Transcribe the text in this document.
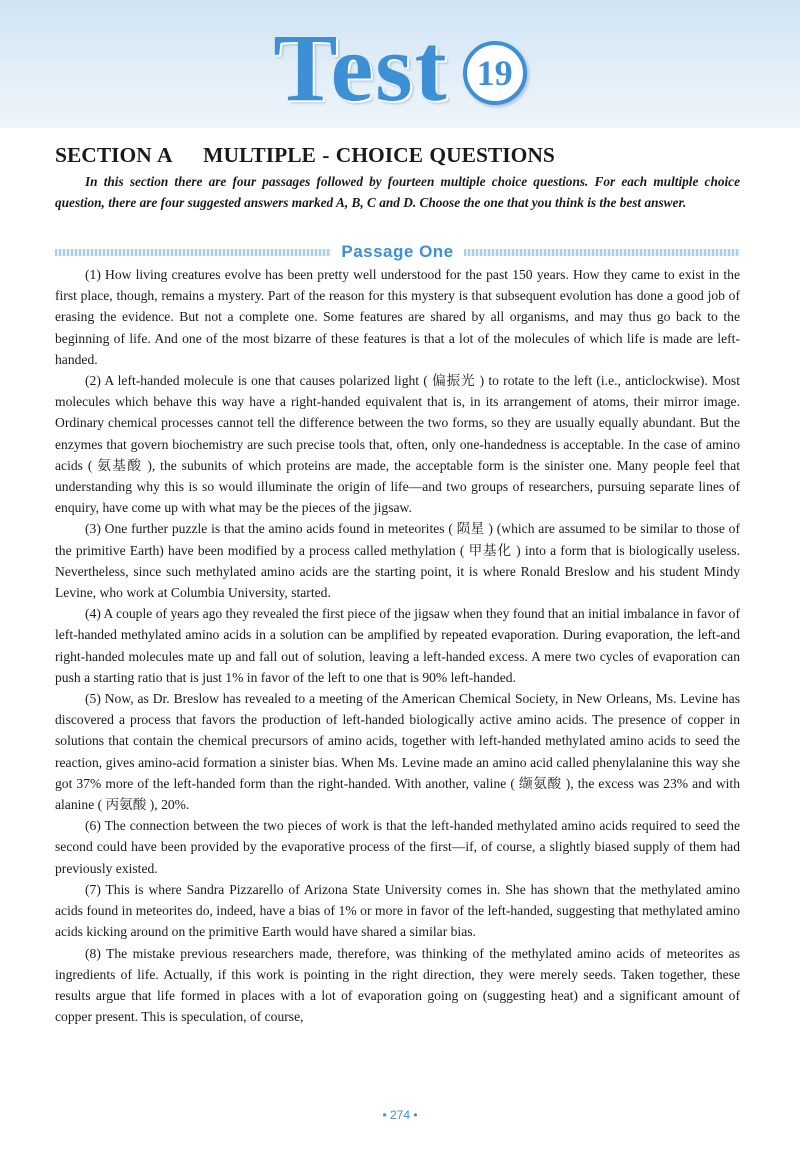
Test 19
SECTION A     MULTIPLE - CHOICE QUESTIONS

In this section there are four passages followed by fourteen multiple choice questions. For each multiple choice question, there are four suggested answers marked A, B, C and D. Choose the one that you think is the best answer.

Passage One

(1) How living creatures evolve has been pretty well understood for the past 150 years. How they came to exist in the first place, though, remains a mystery. Part of the reason for this mystery is that subsequent evolution has done a good job of erasing the evidence. But not a complete one. Some features are shared by all organisms, and may thus go back to the beginning of life. And one of the most bizarre of these features is that a lot of the molecules of which life is made are left-handed.

(2) A left-handed molecule is one that causes polarized light ( 偏振光 ) to rotate to the left (i.e., anticlockwise). Most molecules which behave this way have a right-handed equivalent that is, in its arrangement of atoms, their mirror image. Ordinary chemical processes cannot tell the difference between the two forms, so they are usually equally abundant. But the enzymes that govern biochemistry are such precise tools that, often, only one-handedness is acceptable. In the case of amino acids ( 氨基酸 ), the subunits of which proteins are made, the acceptable form is the sinister one. Many people feel that understanding why this is so would illuminate the origin of life—and two groups of researchers, pursuing separate lines of enquiry, have come up with what may be the pieces of the jigsaw.

(3) One further puzzle is that the amino acids found in meteorites ( 陨星 ) (which are assumed to be similar to those of the primitive Earth) have been modified by a process called methylation ( 甲基化 ) into a form that is biologically useless. Nevertheless, since such methylated amino acids are the starting point, it is where Ronald Breslow and his student Mindy Levine, who work at Columbia University, started.

(4) A couple of years ago they revealed the first piece of the jigsaw when they found that an initial imbalance in favor of left-handed methylated amino acids in a solution can be amplified by repeated evaporation. During evaporation, the left-and right-handed molecules mate up and fall out of solution, leaving a left-handed excess. A mere two cycles of evaporation can push a starting ratio that is just 1% in favor of the left to one that is 90% left-handed.

(5) Now, as Dr. Breslow has revealed to a meeting of the American Chemical Society, in New Orleans, Ms. Levine has discovered a process that favors the production of left-handed biologically active amino acids. The presence of copper in solutions that contain the chemical precursors of amino acids, together with left-handed methylated amino acids to seed the reaction, gives amino-acid formation a sinister bias. When Ms. Levine made an amino acid called phenylalanine this way she got 37% more of the left-handed form than the right-handed. With another, valine ( 缬氨酸 ), the excess was 23% and with alanine ( 丙氨酸 ), 20%.

(6) The connection between the two pieces of work is that the left-handed methylated amino acids required to seed the second could have been provided by the evaporative process of the first—if, of course, a slightly biased supply of them had previously existed.

(7) This is where Sandra Pizzarello of Arizona State University comes in. She has shown that the methylated amino acids found in meteorites do, indeed, have a bias of 1% or more in favor of the left-handed, suggesting that methylated amino acids kicking around on the primitive Earth would have shared a similar bias.

(8) The mistake previous researchers made, therefore, was thinking of the methylated amino acids of meteorites as ingredients of life. Actually, if this work is pointing in the right direction, they were merely seeds. Taken together, these results argue that life formed in places with a lot of evaporation going on (suggesting heat) and a significant amount of copper present. This is speculation, of course,

• 274 •
